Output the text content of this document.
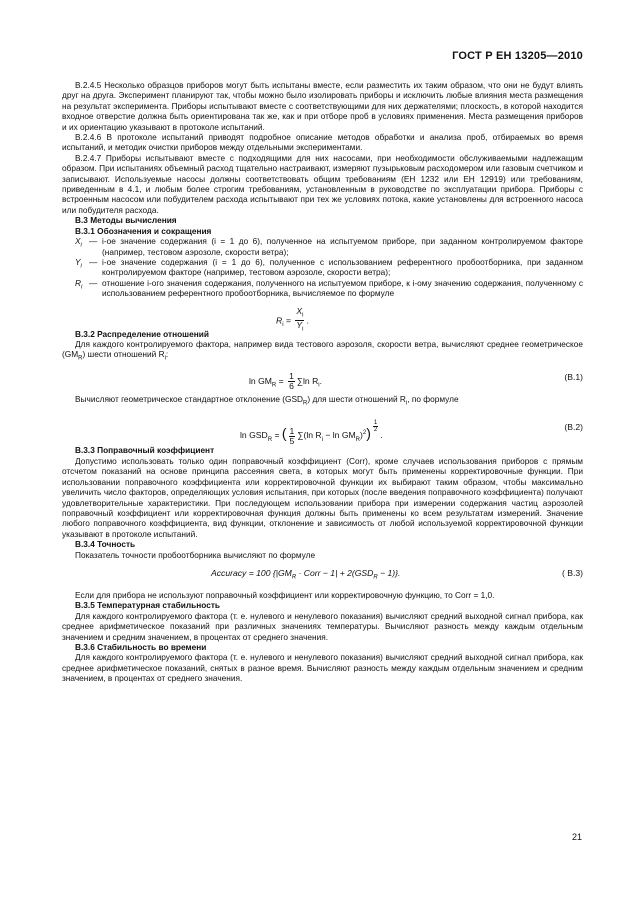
ГОСТ Р ЕН 13205—2010

B.2.4.5 Несколько образцов приборов могут быть испытаны вместе, если разместить их таким образом, что они не будут влиять друг на друга. Эксперимент планируют так, чтобы можно было изолировать приборы и исключить любые влияния места размещения на результат эксперимента. Приборы испытывают вместе с соответствующими для них держателями; плоскость, в которой находится входное отверстие должна быть ориентирована так же, как и при отборе проб в условиях применения. Места размещения приборов и их ориентацию указывают в протоколе испытаний.

B.2.4.6 В протоколе испытаний приводят подробное описание методов обработки и анализа проб, отбираемых во время испытаний, и методик очистки приборов между отдельными экспериментами.

B.2.4.7 Приборы испытывают вместе с подходящими для них насосами, при необходимости обслуживаемыми надлежащим образом. При испытаниях объемный расход тщательно настраивают, измеряют пузырьковым расходомером или газовым счетчиком и записывают. Используемые насосы должны соответствовать общим требованиям (ЕН 1232 или ЕН 12919) или требованиям, приведенным в 4.1, и любым более строгим требованиям, установленным в руководстве по эксплуатации прибора. Приборы с встроенным насосом или побудителем расхода испытывают при тех же условиях потока, какие установлены для встроенного насоса или побудителя расхода.

B.3 Методы вычисления

B.3.1 Обозначения и сокращения

$X_i$ — i-ое значение содержания (i = 1 до 6), полученное на испытуемом приборе, при заданном контролируемом факторе (например, тестовом аэрозоле, скорости ветра);
$Y_i$ — i-ое значение содержания (i = 1 до 6), полученное с использованием референтного пробоотборника, при заданном контролируемом факторе (например, тестовом аэрозоле, скорости ветра);
$R_i$ — отношение i-ого значения содержания, полученного на испытуемом приборе, к i-ому значению содержания, полученному с использованием референтного пробоотборника, вычисляемое по формуле
$R_i = \frac{X_i}{Y_i}$ .

B.3.2 Распределение отношений

Для каждого контролируемого фактора, например вида тестового аэрозоля, скорости ветра, вычисляют среднее геометрическое $(GM_R)$ шести отношений $R_i$:

$\ln GM_R = \frac{1}{6} \sum\ln$ $R_i$.	(B.1)

Вычисляют геометрическое стандартное отклонение $(GSD_R)$ для шести отношений $R_i$, по формуле

$\ln GSD_R$ = ( $\frac{1}{5} \sum(\ln$ $R_i - \ln GM_R)^2$) $^{\frac{1}{2}}$
.
(B.2)

B.3.3 Поправочный коэффициент

Допустимо использовать только один поправочный коэффициент (Corr), кроме случаев использования приборов с прямым отсчетом показаний на основе принципа рассеяния света, в которых могут быть применены корректировочные функции. При использовании поправочного коэффициента или корректировочной функции их выбирают таким образом, чтобы максимально увеличить число факторов, определяющих условия испытания, при которых (после введения поправочного коэффициента) получают удовлетворительные характеристики. При последующем использовании прибора при измерении содержания частиц аэрозолей поправочный коэффициент или корректировочная функция должны быть применены ко всем результатам измерений. Значение любого поправочного коэффициента, вид функции, отклонение и зависимость от любой используемой корректировочной функции указывают в протоколе испытаний.

B.3.4 Точность

Показатель точности пробоотборника вычисляют по формуле

Accuracy = 100 {$|GM_R$ · Corr − $1| + 2(GSD_R - 1)$}.	( B.3)

Если для прибора не используют поправочный коэффициент или корректировочную функцию, то Corr = 1,0.

B.3.5 Температурная стабильность

Для каждого контролируемого фактора (т. е. нулевого и ненулевого показания) вычисляют средний выходной сигнал прибора, как среднее арифметическое показаний при различных значениях температуры. Вычисляют разность между каждым отдельным значением и средним значением, в процентах от среднего значения.

B.3.6 Стабильность во времени

Для каждого контролируемого фактора (т. е. нулевого и ненулевого показания) вычисляют средний выходной сигнал прибора, как среднее арифметическое показаний, снятых в разное время. Вычисляют разность между каждым отдельным значением и средним значением, в процентах от среднего значения.

21
